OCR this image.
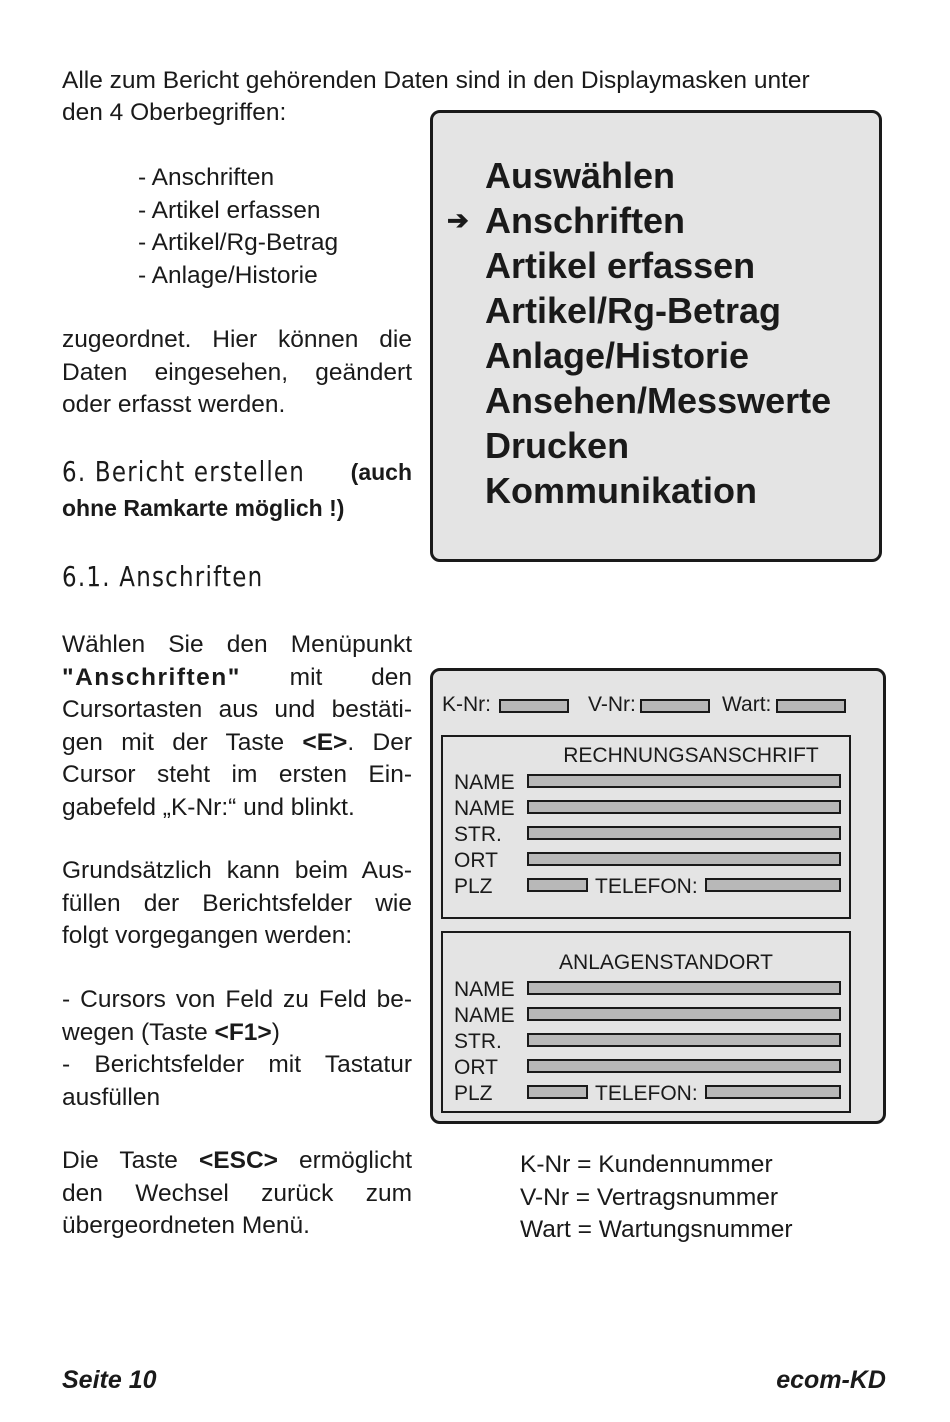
Alle zum Bericht gehörenden Daten sind in den Displaymasken unter
den 4 Oberbegriffen:
- Anschriften
- Artikel erfassen
- Artikel/Rg-Betrag
- Anlage/Historie
zugeordnet. Hier können die
Daten eingesehen, geändert
oder erfasst werden.
6. Bericht erstellen (auch
ohne Ramkarte möglich !)
6.1. Anschriften
Wählen Sie den Menüpunkt
"Anschriften" mit den
Cursortasten aus und bestäti-
gen mit der Taste <E>. Der
Cursor steht im ersten Ein-
gabefeld „K-Nr:“ und blinkt.
Grundsätzlich kann beim Aus-
füllen der Berichtsfelder wie
folgt vorgegangen werden:
- Cursors von Feld zu Feld be-
wegen (Taste <F1>)
- Berichtsfelder mit Tastatur
ausfüllen
Die Taste <ESC> ermöglicht
den Wechsel zurück zum
übergeordneten Menü.
Auswählen
➔ Anschriften
Artikel erfassen
Artikel/Rg-Betrag
Anlage/Historie
Ansehen/Messwerte
Drucken
Kommunikation
K-Nr:	V-Nr:	Wart:
RECHNUNGSANSCHRIFT
NAME
NAME
STR.
ORT
PLZ	TELEFON:
ANLAGENSTANDORT
NAME
NAME
STR.
ORT
PLZ	TELEFON:
K-Nr = Kundennummer
V-Nr = Vertragsnummer
Wart = Wartungsnummer
Seite 10	ecom-KD
